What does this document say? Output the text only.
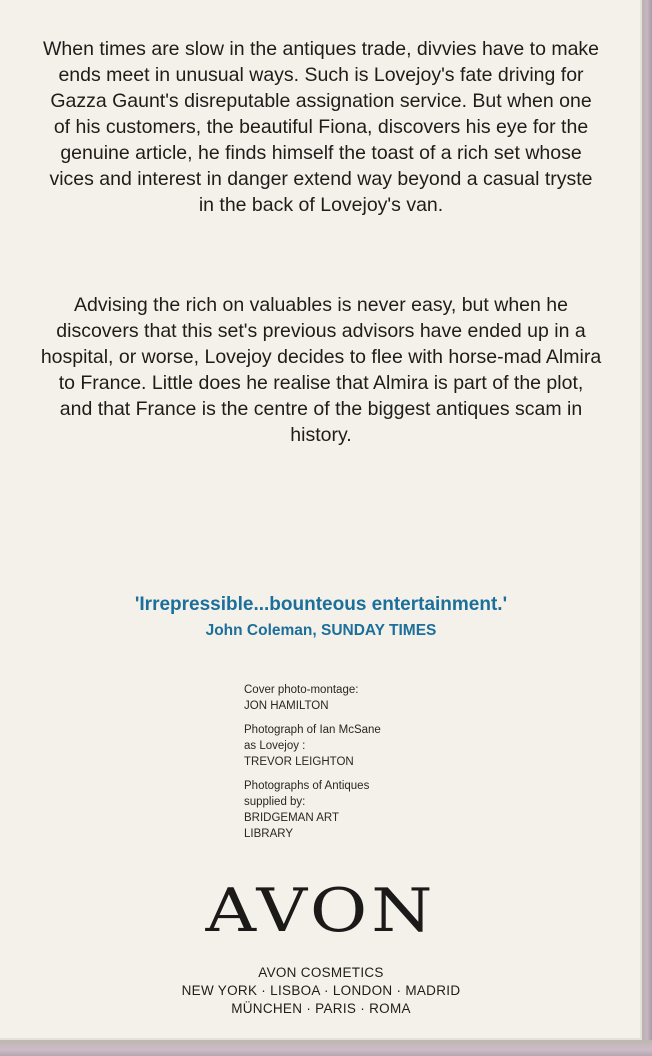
When times are slow in the antiques trade, divvies have to make ends meet in unusual ways. Such is Lovejoy's fate driving for Gazza Gaunt's disreputable assignation service. But when one of his customers, the beautiful Fiona, discovers his eye for the genuine article, he finds himself the toast of a rich set whose vices and interest in danger extend way beyond a casual tryste in the back of Lovejoy's van.

Advising the rich on valuables is never easy, but when he discovers that this set's previous advisors have ended up in a hospital, or worse, Lovejoy decides to flee with horse-mad Almira to France. Little does he realise that Almira is part of the plot, and that France is the centre of the biggest antiques scam in history.

'Irrepressible...bounteous entertainment.'
John Coleman, SUNDAY TIMES
Cover photo-montage:
JON HAMILTON
Photograph of Ian McSane
as Lovejoy :
TREVOR LEIGHTON
Photographs of Antiques
supplied by:
BRIDGEMAN ART
LIBRARY
AVON
AVON COSMETICS
NEW YORK · LISBOA · LONDON · MADRID
MÜNCHEN · PARIS · ROMA
